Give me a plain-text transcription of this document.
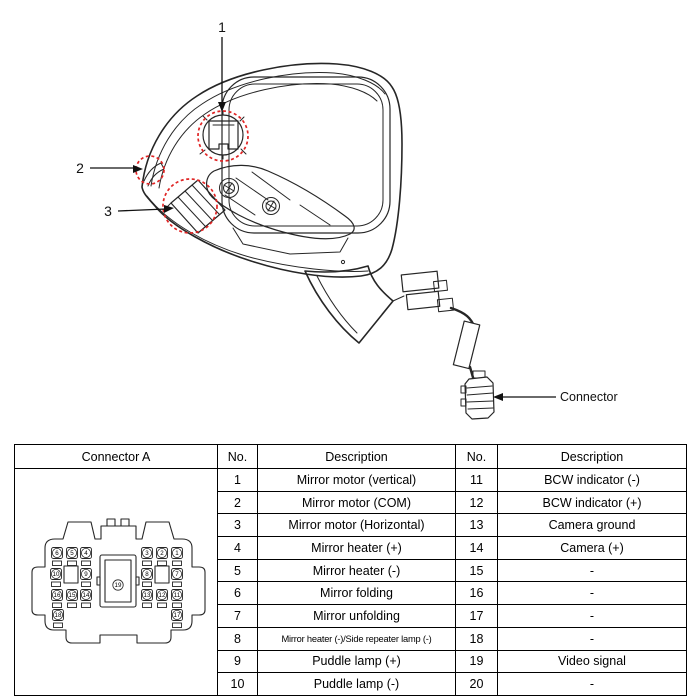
1
2
3
Connector
Connector A	No.	Description	No.	Description

6 5 4	3 2 1
10	9	8	7
16 15 14	13 12 11
18	17
19
	1	Mirror motor (vertical)	11	BCW indicator (-)
	2	Mirror motor (COM)	12	BCW indicator (+)
	3	Mirror motor (Horizontal)	13	Camera ground
	4	Mirror heater (+)	14	Camera (+)
	5	Mirror heater (-)	15	-
	6	Mirror folding	16	-
	7	Mirror unfolding	17	-
	8	Mirror heater (-)/Side repeater lamp (-)	18	-
	9	Puddle lamp (+)	19	Video signal
	10	Puddle lamp (-)	20	-
